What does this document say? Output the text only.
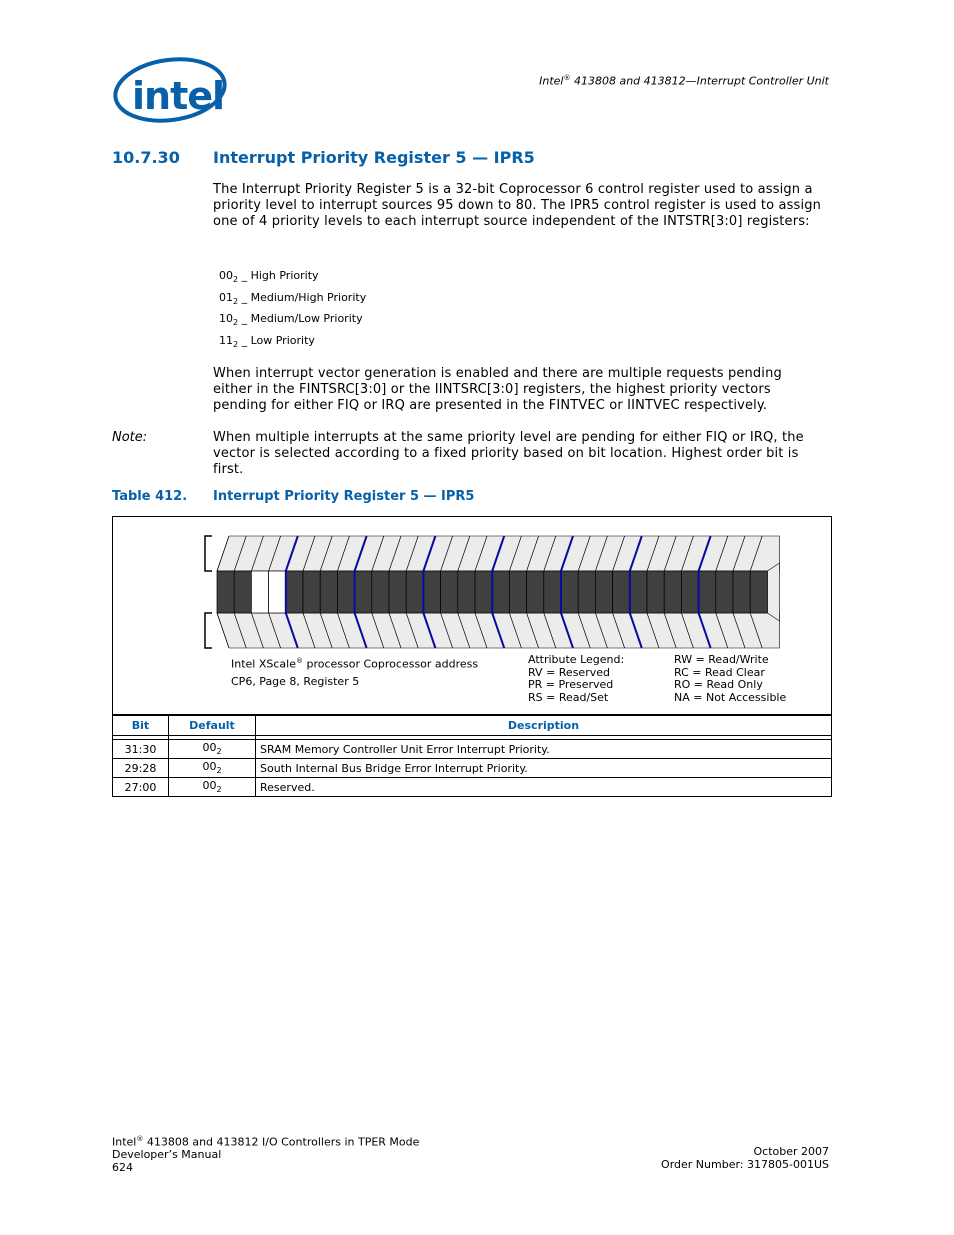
intel	Intel® 413808 and 413812—Interrupt Controller Unit
10.7.30 Interrupt Priority Register 5 — IPR5
The Interrupt Priority Register 5 is a 32-bit Coprocessor 6 control register used to assign a priority level to interrupt sources 95 down to 80. The IPR5 control register is used to assign one of 4 priority levels to each interrupt source independent of the INTSTR[3:0] registers:
$00_2$ _ High Priority
$01_2$ _ Medium/High Priority
$10_2$ _ Medium/Low Priority
$11_2$ _ Low Priority
When interrupt vector generation is enabled and there are multiple requests pending either in the FINTSRC[3:0] or the IINTSRC[3:0] registers, the highest priority vectors pending for either FIQ or IRQ are presented in the FINTVEC or IINTVEC respectively.
Note:	When multiple interrupts at the same priority level are pending for either FIQ or IRQ, the vector is selected according to a fixed priority based on bit location. Highest order bit is first.
Table 412. Interrupt Priority Register 5 — IPR5
Intel XScale® processor Coprocessor address
CP6, Page 8, Register 5
Attribute Legend:
RV = Reserved
PR = Preserved
RS = Read/Set
RW = Read/Write
RC = Read Clear
RO = Read Only
NA = Not Accessible
Bit	Default	Description

31:30	$00_2$	SRAM Memory Controller Unit Error Interrupt Priority.
29:28	$00_2$	South Internal Bus Bridge Error Interrupt Priority.
27:00	$00_2$	Reserved.
Intel® 413808 and 413812 I/O Controllers in TPER Mode
Developer’s Manual
624
October 2007
Order Number: 317805-001US
